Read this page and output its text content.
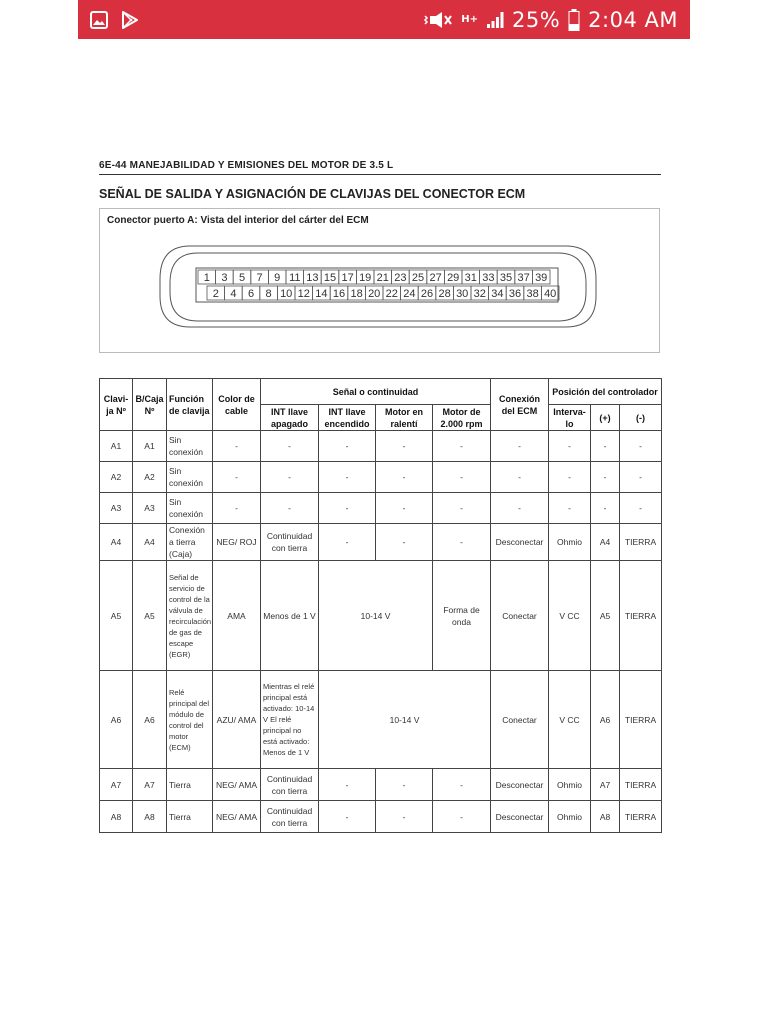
H+ 25% 2:04 AM
6E-44 MANEJABILIDAD Y EMISIONES DEL MOTOR DE 3.5 L
SEÑAL DE SALIDA Y ASIGNACIÓN DE CLAVIJAS DEL CONECTOR ECM
Conector puerto A: Vista del interior del cárter del ECM
1 3 5 7 9 11 13 15 17 19 21 23 25 27 29 31 33 35 37 39
2 4 6 8 10 12 14 16 18 20 22 24 26 28 30 32 34 36 38 40
Clavi-ja Nº	B/Caja Nº	Función de clavija	Color de cable	Señal o continuidad				Conexión del ECM	Posición del controlador		
				INT llave apagado	INT llave encendido	Motor en ralentí	Motor de 2.000 rpm		Interva-lo	(+)	(-)
A1	A1	Sin conexión	-	-	-	-	-	-	-	-	-
A2	A2	Sin conexión	-	-	-	-	-	-	-	-	-
A3	A3	Sin conexión	-	-	-	-	-	-	-	-	-
A4	A4	Conexión a tierra (Caja)	NEG/ ROJ	Continuidad con tierra	-	-	-	Desconectar	Ohmio	A4	TIERRA
A5	A5	Señal de servicio de control de la válvula de recirculación de gas de escape (EGR)	AMA	Menos de 1 V	10-14 V		Forma de onda	Conectar	V CC	A5	TIERRA
A6	A6	Relé principal del módulo de control del motor (ECM)	AZU/ AMA	Mientras el relé principal está activado: 10-14 V El relé principal no está activado: Menos de 1 V	10-14 V			Conectar	V CC	A6	TIERRA
A7	A7	Tierra	NEG/ AMA	Continuidad con tierra	-	-	-	Desconectar	Ohmio	A7	TIERRA
A8	A8	Tierra	NEG/ AMA	Continuidad con tierra	-	-	-	Desconectar	Ohmio	A8	TIERRA
